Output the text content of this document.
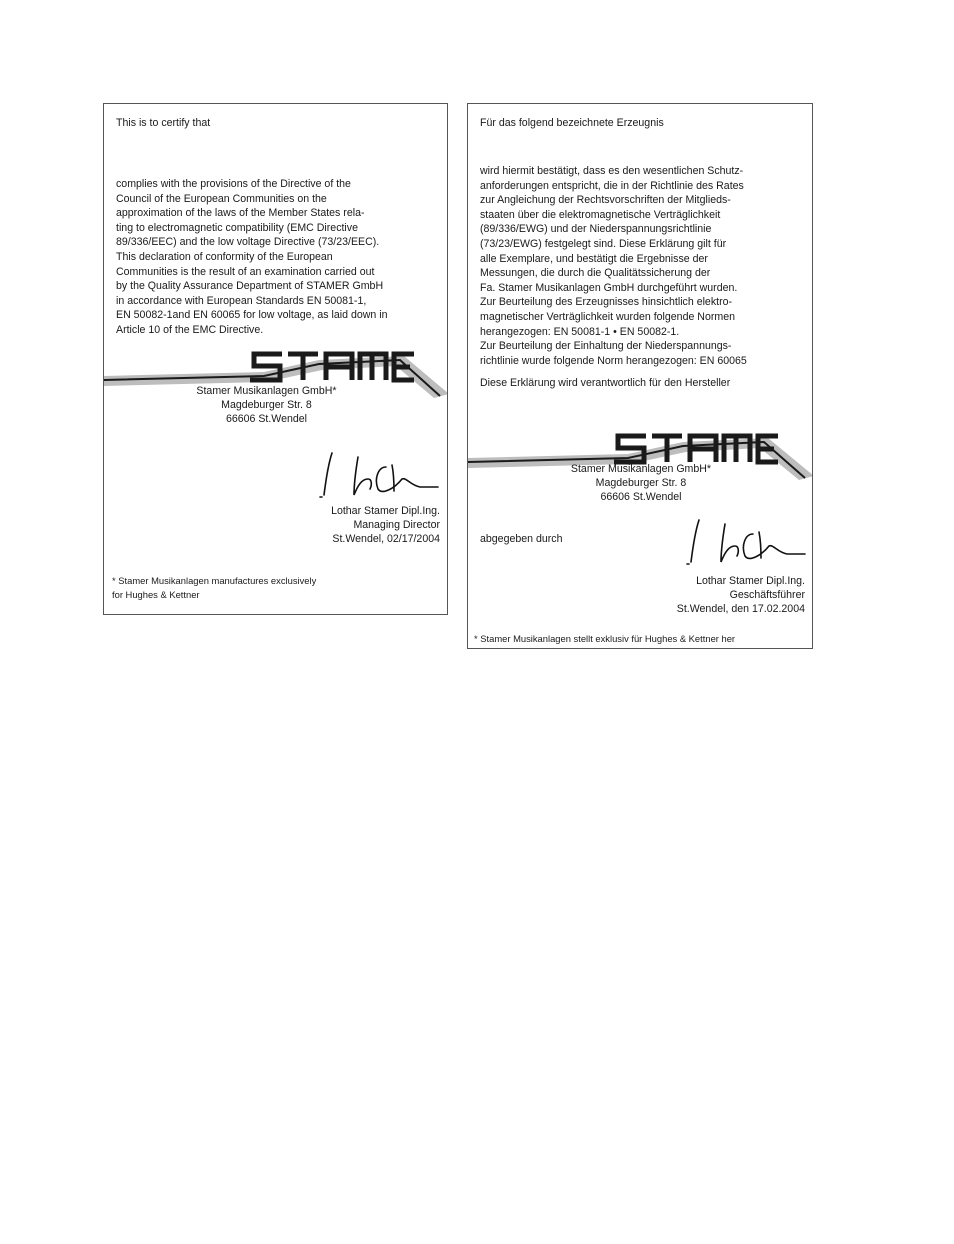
This is to certify that
complies with the provisions of the Directive of the
Council of the European Communities on the
approximation of the laws of the Member States rela-
ting to electromagnetic compatibility (EMC Directive
89/336/EEC) and the low voltage Directive (73/23/EEC).
This declaration of conformity of the European
Communities is the result of an examination carried out
by the Quality Assurance Department of STAMER GmbH
in accordance with European Standards EN 50081-1,
EN 50082-1and EN 60065 for low voltage, as laid down in
Article 10 of the EMC Directive.
STAMER
Stamer Musikanlagen GmbH*
Magdeburger Str. 8
66606 St.Wendel
Lothar Stamer Dipl.Ing.
Managing Director
St.Wendel, 02/17/2004
* Stamer Musikanlagen manufactures exclusively
for Hughes & Kettner
Für das folgend bezeichnete Erzeugnis
wird hiermit bestätigt, dass es den wesentlichen Schutz-
anforderungen entspricht, die in der Richtlinie des Rates
zur Angleichung der Rechtsvorschriften der Mitglieds-
staaten über die elektromagnetische Verträglichkeit
(89/336/EWG) und der Niederspannungsrichtlinie
(73/23/EWG) festgelegt sind. Diese Erklärung gilt für
alle Exemplare, und bestätigt die Ergebnisse der
Messungen, die durch die Qualitätssicherung der
Fa. Stamer Musikanlagen GmbH durchgeführt wurden.
Zur Beurteilung des Erzeugnisses hinsichtlich elektro-
magnetischer Verträglichkeit wurden folgende Normen
herangezogen: EN 50081-1 • EN 50082-1.
Zur Beurteilung der Einhaltung der Niederspannungs-
richtlinie wurde folgende Norm herangezogen: EN 60065
Diese Erklärung wird verantwortlich für den Hersteller
Stamer Musikanlagen GmbH*
Magdeburger Str. 8
66606 St.Wendel
abgegeben durch
Lothar Stamer Dipl.Ing.
Geschäftsführer
St.Wendel, den 17.02.2004
* Stamer Musikanlagen stellt exklusiv für Hughes & Kettner her
